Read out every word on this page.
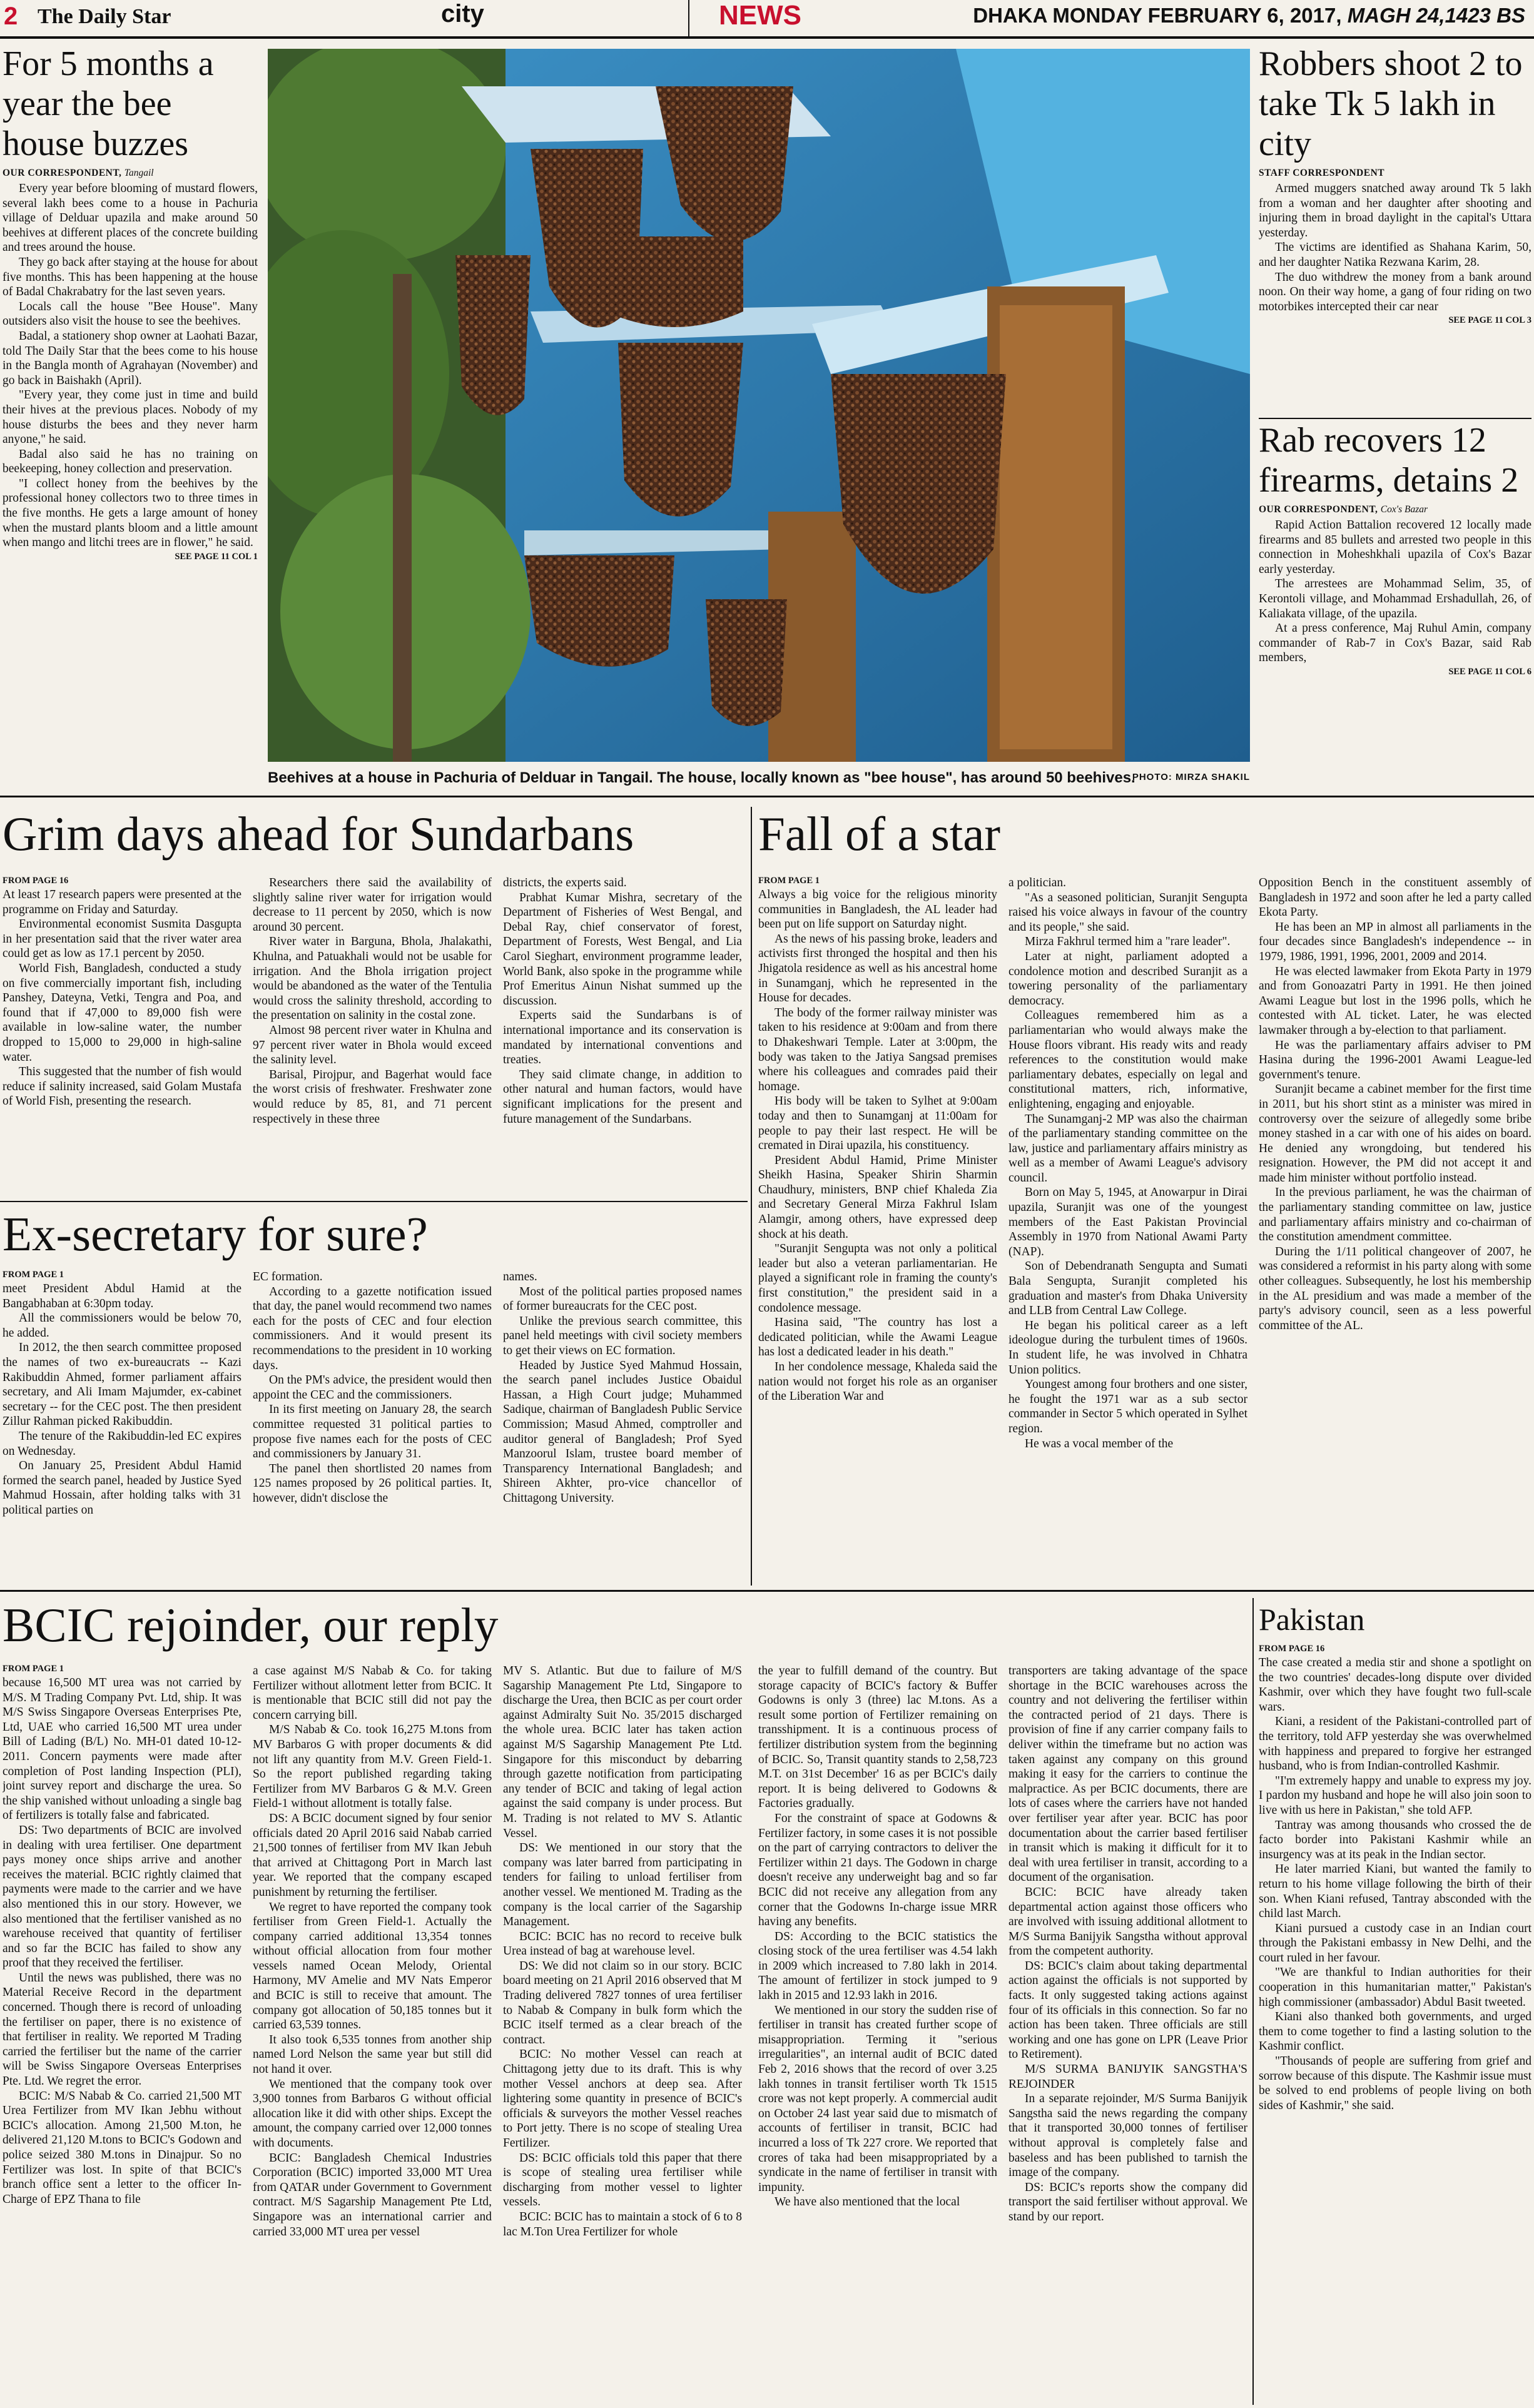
2 The Daily Star	city	NEWS	DHAKA MONDAY FEBRUARY 6, 2017, MAGH 24,1423 BS
For 5 months a year the bee house buzzes
OUR CORRESPONDENT, Tangail

Every year before blooming of mustard flowers, several lakh bees come to a house in Pachuria village of Delduar upazila and make around 50 beehives at different places of the concrete building and trees around the house.

They go back after staying at the house for about five months. This has been happening at the house of Badal Chakrabatry for the last seven years.

Locals call the house "Bee House". Many outsiders also visit the house to see the beehives.

Badal, a stationery shop owner at Laohati Bazar, told The Daily Star that the bees come to his house in the Bangla month of Agrahayan (November) and go back in Baishakh (April).

"Every year, they come just in time and build their hives at the previous places. Nobody of my house disturbs the bees and they never harm anyone," he said.

Badal also said he has no training on beekeeping, honey collection and preservation.

"I collect honey from the beehives by the professional honey collectors two to three times in the five months. He gets a large amount of honey when the mustard plants bloom and a little amount when mango and litchi trees are in flower," he said.

SEE PAGE 11 COL 1
Beehives at a house in Pachuria of Delduar in Tangail. The house, locally known as "bee house", has around 50 beehives.
PHOTO: MIRZA SHAKIL
Robbers shoot 2 to take Tk 5 lakh in city
STAFF CORRESPONDENT

Armed muggers snatched away around Tk 5 lakh from a woman and her daughter after shooting and injuring them in broad daylight in the capital's Uttara yesterday.

The victims are identified as Shahana Karim, 50, and her daughter Natika Rezwana Karim, 28.

The duo withdrew the money from a bank around noon. On their way home, a gang of four riding on two motorbikes intercepted their car near

SEE PAGE 11 COL 3
Rab recovers 12 firearms, detains 2
OUR CORRESPONDENT, Cox's Bazar

Rapid Action Battalion recovered 12 locally made firearms and 85 bullets and arrested two people in this connection in Moheshkhali upazila of Cox's Bazar early yesterday.

The arrestees are Mohammad Selim, 35, of Kerontoli village, and Mohammad Ershadullah, 26, of Kaliakata village, of the upazila.

At a press conference, Maj Ruhul Amin, company commander of Rab-7 in Cox's Bazar, said Rab members,

SEE PAGE 11 COL 6
Grim days ahead for Sundarbans
FROM PAGE 16

At least 17 research papers were presented at the programme on Friday and Saturday.

Environmental economist Susmita Dasgupta in her presentation said that the river water area could get as low as 17.1 percent by 2050.

World Fish, Bangladesh, conducted a study on five commercially important fish, including Panshey, Dateyna, Vetki, Tengra and Poa, and found that if 47,000 to 89,000 fish were available in low-saline water, the number dropped to 15,000 to 29,000 in high-saline water.

This suggested that the number of fish would reduce if salinity increased, said Golam Mustafa of World Fish, presenting the research.

Researchers there said the availability of slightly saline river water for irrigation would decrease to 11 percent by 2050, which is now around 30 percent.

River water in Barguna, Bhola, Jhalakathi, Khulna, and Patuakhali would not be usable for irrigation. And the Bhola irrigation project would be abandoned as the water of the Tentulia would cross the salinity threshold, according to the presentation on salinity in the costal zone.

Almost 98 percent river water in Khulna and 97 percent river water in Bhola would exceed the salinity level.

Barisal, Pirojpur, and Bagerhat would face the worst crisis of freshwater. Freshwater zone would reduce by 85, 81, and 71 percent respectively in these three

districts, the experts said.

Prabhat Kumar Mishra, secretary of the Department of Fisheries of West Bengal, and Debal Ray, chief conservator of forest, Department of Forests, West Bengal, and Lia Carol Sieghart, environment programme leader, World Bank, also spoke in the programme while Prof Emeritus Ainun Nishat summed up the discussion.

Experts said the Sundarbans is of international importance and its conservation is mandated by international conventions and treaties.

They said climate change, in addition to other natural and human factors, would have significant implications for the present and future management of the Sundarbans.

Ex-secretary for sure?
FROM PAGE 1

meet President Abdul Hamid at the Bangabhaban at 6:30pm today.

All the commissioners would be below 70, he added.

In 2012, the then search committee proposed the names of two ex-bureaucrats -- Kazi Rakibuddin Ahmed, former parliament affairs secretary, and Ali Imam Majumder, ex-cabinet secretary -- for the CEC post. The then president Zillur Rahman picked Rakibuddin.

The tenure of the Rakibuddin-led EC expires on Wednesday.

On January 25, President Abdul Hamid formed the search panel, headed by Justice Syed Mahmud Hossain, after holding talks with 31 political parties on

EC formation.

According to a gazette notification issued that day, the panel would recommend two names each for the posts of CEC and four election commissioners. And it would present its recommendations to the president in 10 working days.

On the PM's advice, the president would then appoint the CEC and the commissioners.

In its first meeting on January 28, the search committee requested 31 political parties to propose five names each for the posts of CEC and commissioners by January 31.

The panel then shortlisted 20 names from 125 names proposed by 26 political parties. It, however, didn't disclose the

names.

Most of the political parties proposed names of former bureaucrats for the CEC post.

Unlike the previous search committee, this panel held meetings with civil society members to get their views on EC formation.

Headed by Justice Syed Mahmud Hossain, the search panel includes Justice Obaidul Hassan, a High Court judge; Muhammed Sadique, chairman of Bangladesh Public Service Commission; Masud Ahmed, comptroller and auditor general of Bangladesh; Prof Syed Manzoorul Islam, trustee board member of Transparency International Bangladesh; and Shireen Akhter, pro-vice chancellor of Chittagong University.

Fall of a star
FROM PAGE 1

Always a big voice for the religious minority communities in Bangladesh, the AL leader had been put on life support on Saturday night.

As the news of his passing broke, leaders and activists first thronged the hospital and then his Jhigatola residence as well as his ancestral home in Sunamganj, which he represented in the House for decades.

The body of the former railway minister was taken to his residence at 9:00am and from there to Dhakeshwari Temple. Later at 3:00pm, the body was taken to the Jatiya Sangsad premises where his colleagues and comrades paid their homage.

His body will be taken to Sylhet at 9:00am today and then to Sunamganj at 11:00am for people to pay their last respect. He will be cremated in Dirai upazila, his constituency.

President Abdul Hamid, Prime Minister Sheikh Hasina, Speaker Shirin Sharmin Chaudhury, ministers, BNP chief Khaleda Zia and Secretary General Mirza Fakhrul Islam Alamgir, among others, have expressed deep shock at his death.

"Suranjit Sengupta was not only a political leader but also a veteran parliamentarian. He played a significant role in framing the county's first constitution," the president said in a condolence message.

Hasina said, "The country has lost a dedicated politician, while the Awami League has lost a dedicated leader in his death."

In her condolence message, Khaleda said the nation would not forget his role as an organiser of the Liberation War and

a politician.

"As a seasoned politician, Suranjit Sengupta raised his voice always in favour of the country and its people," she said.

Mirza Fakhrul termed him a "rare leader".

Later at night, parliament adopted a condolence motion and described Suranjit as a towering personality of the parliamentary democracy.

Colleagues remembered him as a parliamentarian who would always make the House floors vibrant. His ready wits and ready references to the constitution would make parliamentary debates, especially on legal and constitutional matters, rich, informative, enlightening, engaging and enjoyable.

The Sunamganj-2 MP was also the chairman of the parliamentary standing committee on the law, justice and parliamentary affairs ministry as well as a member of Awami League's advisory council.

Born on May 5, 1945, at Anowarpur in Dirai upazila, Suranjit was one of the youngest members of the East Pakistan Provincial Assembly in 1970 from National Awami Party (NAP).

Son of Debendranath Sengupta and Sumati Bala Sengupta, Suranjit completed his graduation and master's from Dhaka University and LLB from Central Law College.

He began his political career as a left ideologue during the turbulent times of 1960s. In student life, he was involved in Chhatra Union politics.

Youngest among four brothers and one sister, he fought the 1971 war as a sub sector commander in Sector 5 which operated in Sylhet region.

He was a vocal member of the

Opposition Bench in the constituent assembly of Bangladesh in 1972 and soon after he led a party called Ekota Party.

He has been an MP in almost all parliaments in the four decades since Bangladesh's independence -- in 1979, 1986, 1991, 1996, 2001, 2009 and 2014.

He was elected lawmaker from Ekota Party in 1979 and from Gonoazatri Party in 1991. He then joined Awami League but lost in the 1996 polls, which he contested with AL ticket. Later, he was elected lawmaker through a by-election to that parliament.

He was the parliamentary affairs adviser to PM Hasina during the 1996-2001 Awami League-led government's tenure.

Suranjit became a cabinet member for the first time in 2011, but his short stint as a minister was mired in controversy over the seizure of allegedly some bribe money stashed in a car with one of his aides on board. He denied any wrongdoing, but tendered his resignation. However, the PM did not accept it and made him minister without portfolio instead.

In the previous parliament, he was the chairman of the parliamentary standing committee on law, justice and parliamentary affairs ministry and co-chairman of the constitution amendment committee.

During the 1/11 political changeover of 2007, he was considered a reformist in his party along with some other colleagues. Subsequently, he lost his membership in the AL presidium and was made a member of the party's advisory council, seen as a less powerful committee of the AL.

BCIC rejoinder, our reply
FROM PAGE 1

because 16,500 MT urea was not carried by M/S. M Trading Company Pvt. Ltd, ship. It was M/S Swiss Singapore Overseas Enterprises Pte, Ltd, UAE who carried 16,500 MT urea under Bill of Lading (B/L) No. MH-01 dated 10-12-2011. Concern payments were made after completion of Post landing Inspection (PLI), joint survey report and discharge the urea. So the ship vanished without unloading a single bag of fertilizers is totally false and fabricated.

DS: Two departments of BCIC are involved in dealing with urea fertiliser. One department pays money once ships arrive and another receives the material. BCIC rightly claimed that payments were made to the carrier and we have also mentioned this in our story. However, we also mentioned that the fertiliser vanished as no warehouse received that quantity of fertiliser and so far the BCIC has failed to show any proof that they received the fertiliser.

Until the news was published, there was no Material Receive Record in the department concerned. Though there is record of unloading the fertiliser on paper, there is no existence of that fertiliser in reality. We reported M Trading carried the fertiliser but the name of the carrier will be Swiss Singapore Overseas Enterprises Pte. Ltd. We regret the error.

BCIC: M/S Nabab & Co. carried 21,500 MT Urea Fertilizer from MV Ikan Jebhu without BCIC's allocation. Among 21,500 M.ton, he delivered 21,120 M.tons to BCIC's Godown and police seized 380 M.tons in Dinajpur. So no Fertilizer was lost. In spite of that BCIC's branch office sent a letter to the officer In-Charge of EPZ Thana to file

a case against M/S Nabab & Co. for taking Fertilizer without allotment letter from BCIC. It is mentionable that BCIC still did not pay the concern carrying bill.

M/S Nabab & Co. took 16,275 M.tons from MV Barbaros G with proper documents & did not lift any quantity from M.V. Green Field-1. So the report published regarding taking Fertilizer from MV Barbaros G & M.V. Green Field-1 without allotment is totally false.

DS: A BCIC document signed by four senior officials dated 20 April 2016 said Nabab carried 21,500 tonnes of fertiliser from MV Ikan Jebuh that arrived at Chittagong Port in March last year. We reported that the company escaped punishment by returning the fertiliser.

We regret to have reported the company took fertiliser from Green Field-1. Actually the company carried additional 13,354 tonnes without official allocation from four mother vessels named Ocean Melody, Oriental Harmony, MV Amelie and MV Nats Emperor and BCIC is still to receive that amount. The company got allocation of 50,185 tonnes but it carried 63,539 tonnes.

It also took 6,535 tonnes from another ship named Lord Nelson the same year but still did not hand it over.

We mentioned that the company took over 3,900 tonnes from Barbaros G without official allocation like it did with other ships. Except the amount, the company carried over 12,000 tonnes with documents.

BCIC: Bangladesh Chemical Industries Corporation (BCIC) imported 33,000 MT Urea from QATAR under Government to Government contract. M/S Sagarship Management Pte Ltd, Singapore was an international carrier and carried 33,000 MT urea per vessel

MV S. Atlantic. But due to failure of M/S Sagarship Management Pte Ltd, Singapore to discharge the Urea, then BCIC as per court order against Admiralty Suit No. 35/2015 discharged the whole urea. BCIC later has taken action against M/S Sagarship Management Pte Ltd. Singapore for this misconduct by debarring through gazette notification from participating any tender of BCIC and taking of legal action against the said company is under process. But M. Trading is not related to MV S. Atlantic Vessel.

DS: We mentioned in our story that the company was later barred from participating in tenders for failing to unload fertiliser from another vessel. We mentioned M. Trading as the company is the local carrier of the Sagarship Management.

BCIC: BCIC has no record to receive bulk Urea instead of bag at warehouse level.

DS: We did not claim so in our story. BCIC board meeting on 21 April 2016 observed that M Trading delivered 7827 tonnes of urea fertiliser to Nabab & Company in bulk form which the BCIC itself termed as a clear breach of the contract.

BCIC: No mother Vessel can reach at Chittagong jetty due to its draft. This is why mother Vessel anchors at deep sea. After lightering some quantity in presence of BCIC's officials & surveyors the mother Vessel reaches to Port jetty. There is no scope of stealing Urea Fertilizer.

DS: BCIC officials told this paper that there is scope of stealing urea fertiliser while discharging from mother vessel to lighter vessels.

BCIC: BCIC has to maintain a stock of 6 to 8 lac M.Ton Urea Fertilizer for whole

the year to fulfill demand of the country. But storage capacity of BCIC's factory & Buffer Godowns is only 3 (three) lac M.tons. As a result some portion of Fertilizer remaining on transshipment. It is a continuous process of fertilizer distribution system from the beginning of BCIC. So, Transit quantity stands to 2,58,723 M.T. on 31st December' 16 as per BCIC's daily report. It is being delivered to Godowns & Factories gradually.

For the constraint of space at Godowns & Fertilizer factory, in some cases it is not possible on the part of carrying contractors to deliver the Fertilizer within 21 days. The Godown in charge doesn't receive any underweight bag and so far BCIC did not receive any allegation from any corner that the Godowns In-charge issue MRR having any benefits.

DS: According to the BCIC statistics the closing stock of the urea fertiliser was 4.54 lakh in 2009 which increased to 7.80 lakh in 2014. The amount of fertilizer in stock jumped to 9 lakh in 2015 and 12.93 lakh in 2016.

We mentioned in our story the sudden rise of fertiliser in transit has created further scope of misappropriation. Terming it "serious irregularities", an internal audit of BCIC dated Feb 2, 2016 shows that the record of over 3.25 lakh tonnes in transit fertiliser worth Tk 1515 crore was not kept properly. A commercial audit on October 24 last year said due to mismatch of accounts of fertiliser in transit, BCIC had incurred a loss of Tk 227 crore. We reported that crores of taka had been misappropriated by a syndicate in the name of fertiliser in transit with impunity.

We have also mentioned that the local

transporters are taking advantage of the space shortage in the BCIC warehouses across the country and not delivering the fertiliser within the contracted period of 21 days. There is provision of fine if any carrier company fails to deliver within the timeframe but no action was taken against any company on this ground making it easy for the carriers to continue the malpractice. As per BCIC documents, there are lots of cases where the carriers have not handed over fertiliser year after year. BCIC has poor documentation about the carrier based fertiliser in transit which is making it difficult for it to deal with urea fertiliser in transit, according to a document of the organisation.

BCIC: BCIC have already taken departmental action against those officers who are involved with issuing additional allotment to M/S Surma Banijyik Sangstha without approval from the competent authority.

DS: BCIC's claim about taking departmental action against the officials is not supported by facts. It only suggested taking actions against four of its officials in this connection. So far no action has been taken. Three officials are still working and one has gone on LPR (Leave Prior to Retirement).

M/S SURMA BANIJYIK SANGSTHA'S REJOINDER

In a separate rejoinder, M/S Surma Banijyik Sangstha said the news regarding the company that it transported 30,000 tonnes of fertiliser without approval is completely false and baseless and has been published to tarnish the image of the company.

DS: BCIC's reports show the company did transport the said fertiliser without approval. We stand by our report.

Pakistan
FROM PAGE 16

The case created a media stir and shone a spotlight on the two countries' decades-long dispute over divided Kashmir, over which they have fought two full-scale wars.

Kiani, a resident of the Pakistani-controlled part of the territory, told AFP yesterday she was overwhelmed with happiness and prepared to forgive her estranged husband, who is from Indian-controlled Kashmir.

"I'm extremely happy and unable to express my joy. I pardon my husband and hope he will also join soon to live with us here in Pakistan," she told AFP.

Tantray was among thousands who crossed the de facto border into Pakistani Kashmir while an insurgency was at its peak in the Indian sector.

He later married Kiani, but wanted the family to return to his home village following the birth of their son. When Kiani refused, Tantray absconded with the child last March.

Kiani pursued a custody case in an Indian court through the Pakistani embassy in New Delhi, and the court ruled in her favour.

"We are thankful to Indian authorities for their cooperation in this humanitarian matter," Pakistan's high commissioner (ambassador) Abdul Basit tweeted.

Kiani also thanked both governments, and urged them to come together to find a lasting solution to the Kashmir conflict.

"Thousands of people are suffering from grief and sorrow because of this dispute. The Kashmir issue must be solved to end problems of people living on both sides of Kashmir," she said.
